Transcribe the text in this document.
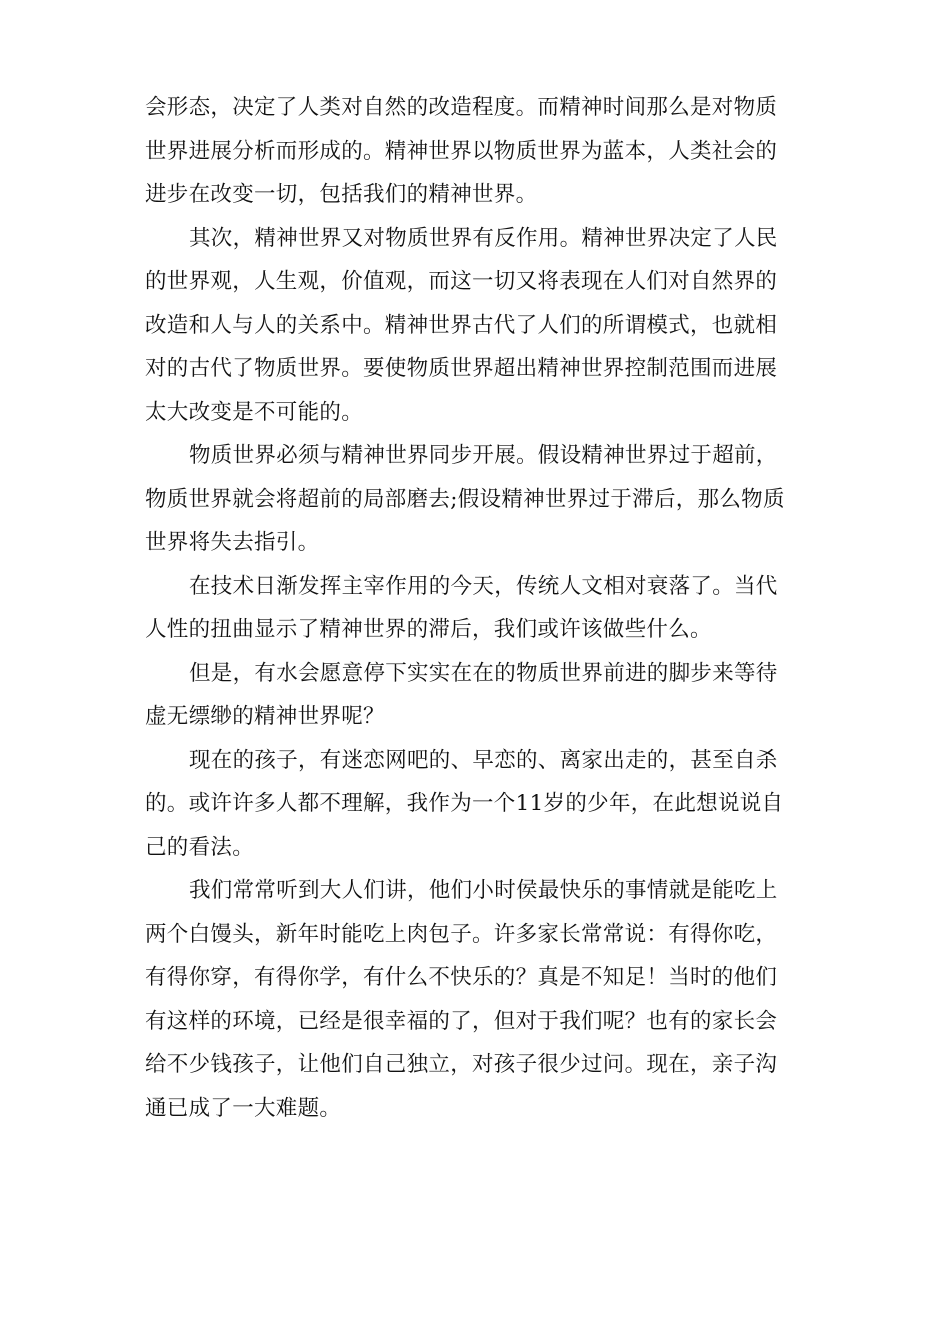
会形态，决定了人类对自然的改造程度。而精神时间那么是对物质
世界进展分析而形成的。精神世界以物质世界为蓝本，人类社会的
进步在改变一切，包括我们的精神世界。
其次，精神世界又对物质世界有反作用。精神世界决定了人民
的世界观，人生观，价值观，而这一切又将表现在人们对自然界的
改造和人与人的关系中。精神世界古代了人们的所谓模式，也就相
对的古代了物质世界。要使物质世界超出精神世界控制范围而进展
太大改变是不可能的。
物质世界必须与精神世界同步开展。假设精神世界过于超前，
物质世界就会将超前的局部磨去;假设精神世界过于滞后，那么物质
世界将失去指引。
在技术日渐发挥主宰作用的今天，传统人文相对衰落了。当代
人性的扭曲显示了精神世界的滞后，我们或许该做些什么。
但是，有水会愿意停下实实在在的物质世界前进的脚步来等待
虚无缥缈的精神世界呢？
现在的孩子，有迷恋网吧的、早恋的、离家出走的，甚至自杀
的。或许许多人都不理解，我作为一个11岁的少年，在此想说说自
己的看法。
我们常常听到大人们讲，他们小时侯最快乐的事情就是能吃上
两个白馒头，新年时能吃上肉包子。许多家长常常说：有得你吃，
有得你穿，有得你学，有什么不快乐的？真是不知足！当时的他们
有这样的环境，已经是很幸福的了，但对于我们呢？也有的家长会
给不少钱孩子，让他们自己独立，对孩子很少过问。现在，亲子沟
通已成了一大难题。
